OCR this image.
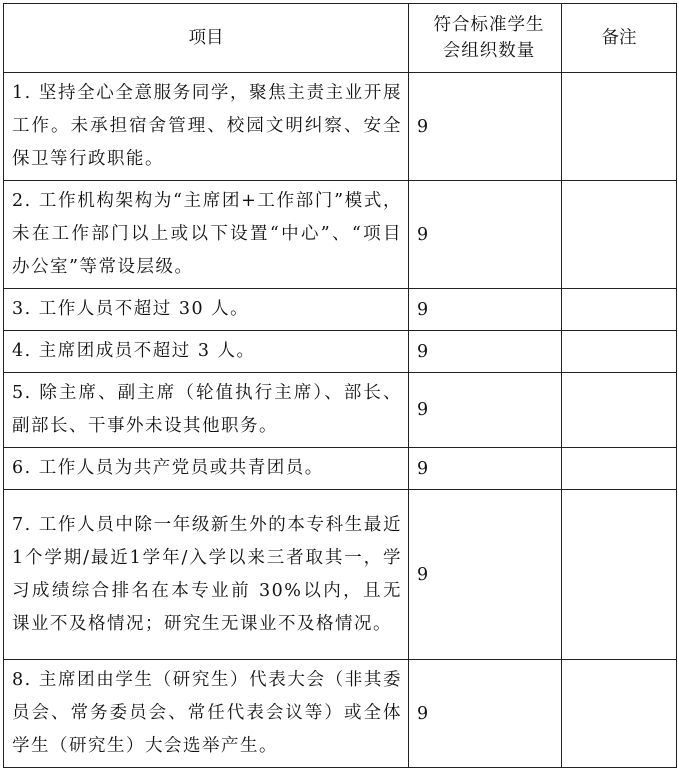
项目	符合标准学生会组织数量	备注
1. 坚持全心全意服务同学，聚焦主责主业开展工作。未承担宿舍管理、校园文明纠察、安全保卫等行政职能。	9	
2. 工作机构架构为“主席团+工作部门”模式，未在工作部门以上或以下设置“中心”、“项目办公室”等常设层级。	9	
3. 工作人员不超过 30 人。	9	
4. 主席团成员不超过 3 人。	9	
5. 除主席、副主席（轮值执行主席）、部长、副部长、干事外未设其他职务。	9	
6. 工作人员为共产党员或共青团员。	9	
7. 工作人员中除一年级新生外的本专科生最近1个学期/最近1学年/入学以来三者取其一，学习成绩综合排名在本专业前 30%以内，且无课业不及格情况；研究生无课业不及格情况。	9	
8. 主席团由学生（研究生）代表大会（非其委员会、常务委员会、常任代表会议等）或全体学生（研究生）大会选举产生。	9	
